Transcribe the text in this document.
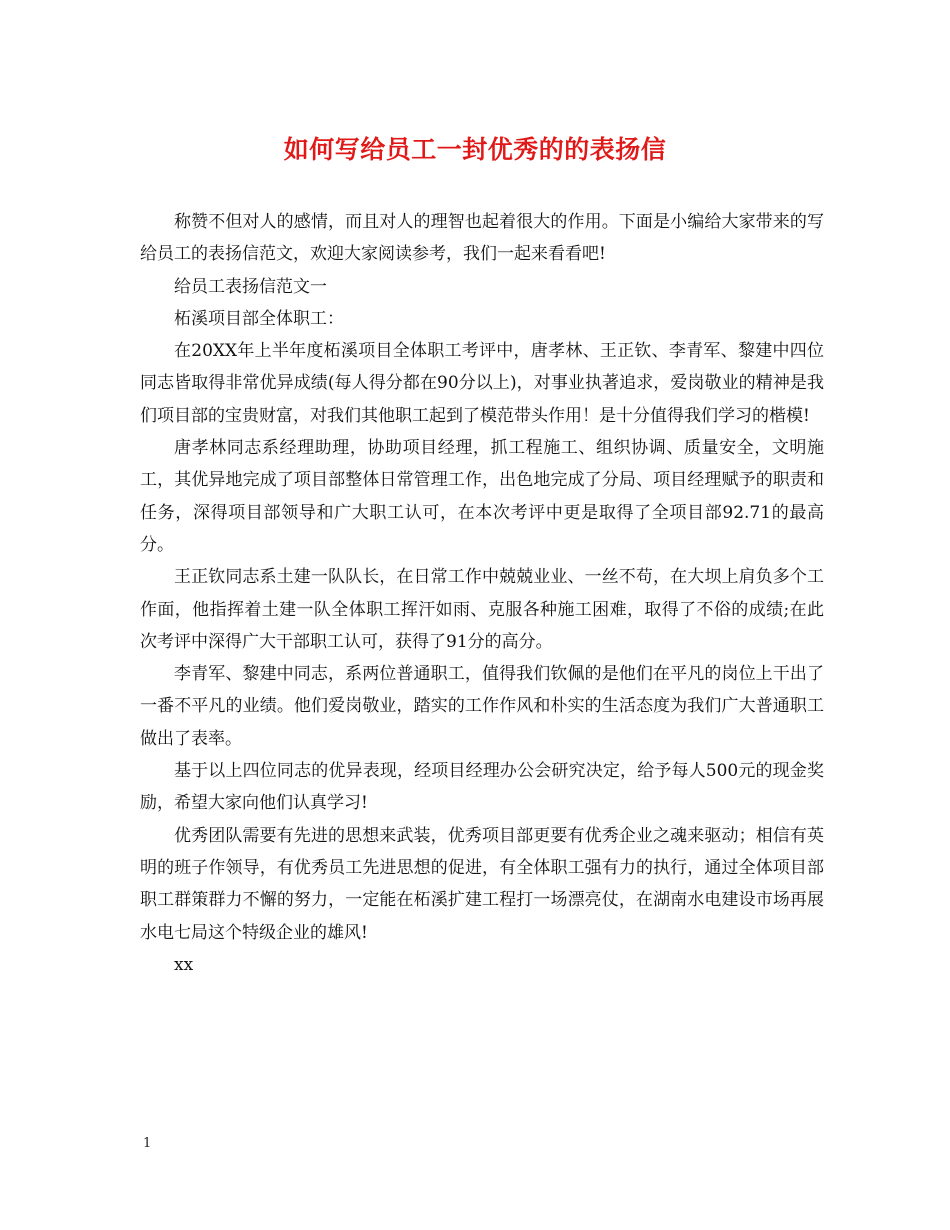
如何写给员工一封优秀的的表扬信

称赞不但对人的感情，而且对人的理智也起着很大的作用。下面是小编给大家带来的写给员工的表扬信范文，欢迎大家阅读参考，我们一起来看看吧!

给员工表扬信范文一

柘溪项目部全体职工：

在20XX年上半年度柘溪项目全体职工考评中，唐孝林、王正钦、李青军、黎建中四位同志皆取得非常优异成绩(每人得分都在90分以上)，对事业执著追求，爱岗敬业的精神是我们项目部的宝贵财富，对我们其他职工起到了模范带头作用！是十分值得我们学习的楷模!

唐孝林同志系经理助理，协助项目经理，抓工程施工、组织协调、质量安全，文明施工，其优异地完成了项目部整体日常管理工作，出色地完成了分局、项目经理赋予的职责和任务，深得项目部领导和广大职工认可，在本次考评中更是取得了全项目部92.71的最高分。

王正钦同志系土建一队队长，在日常工作中兢兢业业、一丝不苟，在大坝上肩负多个工作面，他指挥着土建一队全体职工挥汗如雨、克服各种施工困难，取得了不俗的成绩;在此次考评中深得广大干部职工认可，获得了91分的高分。

李青军、黎建中同志，系两位普通职工，值得我们钦佩的是他们在平凡的岗位上干出了一番不平凡的业绩。他们爱岗敬业，踏实的工作作风和朴实的生活态度为我们广大普通职工做出了表率。

基于以上四位同志的优异表现，经项目经理办公会研究决定，给予每人500元的现金奖励，希望大家向他们认真学习!

优秀团队需要有先进的思想来武装，优秀项目部更要有优秀企业之魂来驱动；相信有英明的班子作领导，有优秀员工先进思想的促进，有全体职工强有力的执行，通过全体项目部职工群策群力不懈的努力，一定能在柘溪扩建工程打一场漂亮仗，在湖南水电建设市场再展水电七局这个特级企业的雄风!

xx

1
